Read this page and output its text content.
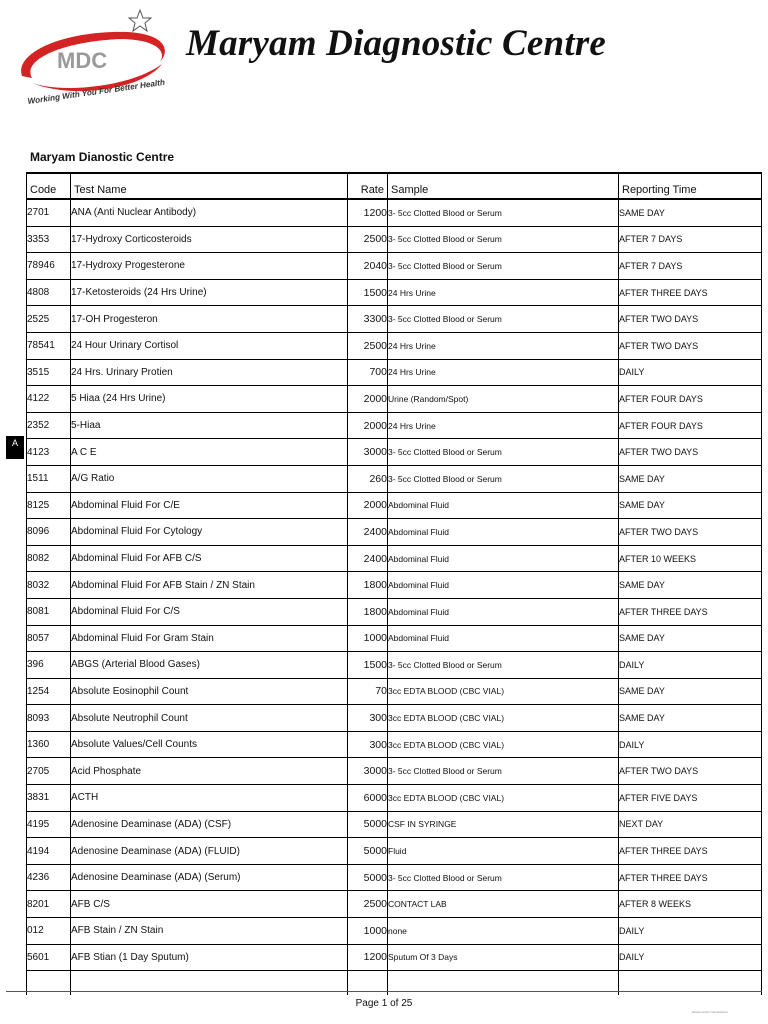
MDC
Working With You For Better Health
Maryam Diagnostic Centre
Maryam Dianostic Centre
A
Code	Test Name	Rate	Sample	Reporting Time
2701	ANA (Anti Nuclear Antibody)	1200	3- 5cc Clotted Blood or Serum	SAME DAY
3353	17-Hydroxy Corticosteroids	2500	3- 5cc Clotted Blood or Serum	AFTER 7 DAYS
78946	17-Hydroxy Progesterone	2040	3- 5cc Clotted Blood or Serum	AFTER 7 DAYS
4808	17-Ketosteroids (24 Hrs Urine)	1500	24 Hrs Urine	AFTER THREE DAYS
2525	17-OH Progesteron	3300	3- 5cc Clotted Blood or Serum	AFTER TWO DAYS
78541	24 Hour Urinary Cortisol	2500	24 Hrs Urine	AFTER TWO DAYS
3515	24 Hrs. Urinary Protien	700	24 Hrs Urine	DAILY
4122	5 Hiaa (24 Hrs Urine)	2000	Urine (Random/Spot)	AFTER FOUR DAYS
2352	5-Hiaa	2000	24 Hrs Urine	AFTER FOUR DAYS
4123	A C E	3000	3- 5cc Clotted Blood or Serum	AFTER TWO DAYS
1511	A/G Ratio	260	3- 5cc Clotted Blood or Serum	SAME DAY
8125	Abdominal Fluid For C/E	2000	Abdominal Fluid	SAME DAY
8096	Abdominal Fluid For Cytology	2400	Abdominal Fluid	AFTER TWO DAYS
8082	Abdominal Fluid For AFB C/S	2400	Abdominal Fluid	AFTER 10 WEEKS
8032	Abdominal Fluid For AFB Stain / ZN Stain	1800	Abdominal Fluid	SAME DAY
8081	Abdominal Fluid For C/S	1800	Abdominal Fluid	AFTER THREE DAYS
8057	Abdominal Fluid For Gram Stain	1000	Abdominal Fluid	SAME DAY
396	ABGS (Arterial Blood Gases)	1500	3- 5cc Clotted Blood or Serum	DAILY
1254	Absolute Eosinophil Count	70	3cc EDTA BLOOD (CBC VIAL)	SAME DAY
8093	Absolute Neutrophil Count	300	3cc EDTA BLOOD (CBC VIAL)	SAME DAY
1360	Absolute Values/Cell Counts	300	3cc EDTA BLOOD (CBC VIAL)	DAILY
2705	Acid Phosphate	3000	3- 5cc Clotted Blood or Serum	AFTER TWO DAYS
3831	ACTH	6000	3cc EDTA BLOOD (CBC VIAL)	AFTER FIVE DAYS
4195	Adenosine Deaminase (ADA) (CSF)	5000	CSF IN SYRINGE	NEXT DAY
4194	Adenosine Deaminase (ADA) (FLUID)	5000	Fluid	AFTER THREE DAYS
4236	Adenosine Deaminase (ADA) (Serum)	5000	3- 5cc Clotted Blood or Serum	AFTER THREE DAYS
8201	AFB C/S	2500	CONTACT LAB	AFTER 8 WEEKS
012	AFB Stain / ZN Stain	1000	none	DAILY
5601	AFB Stian (1 Day Sputum)	1200	Sputum Of 3 Days	DAILY

Page 1 of 25
Scanned with CamScanner
